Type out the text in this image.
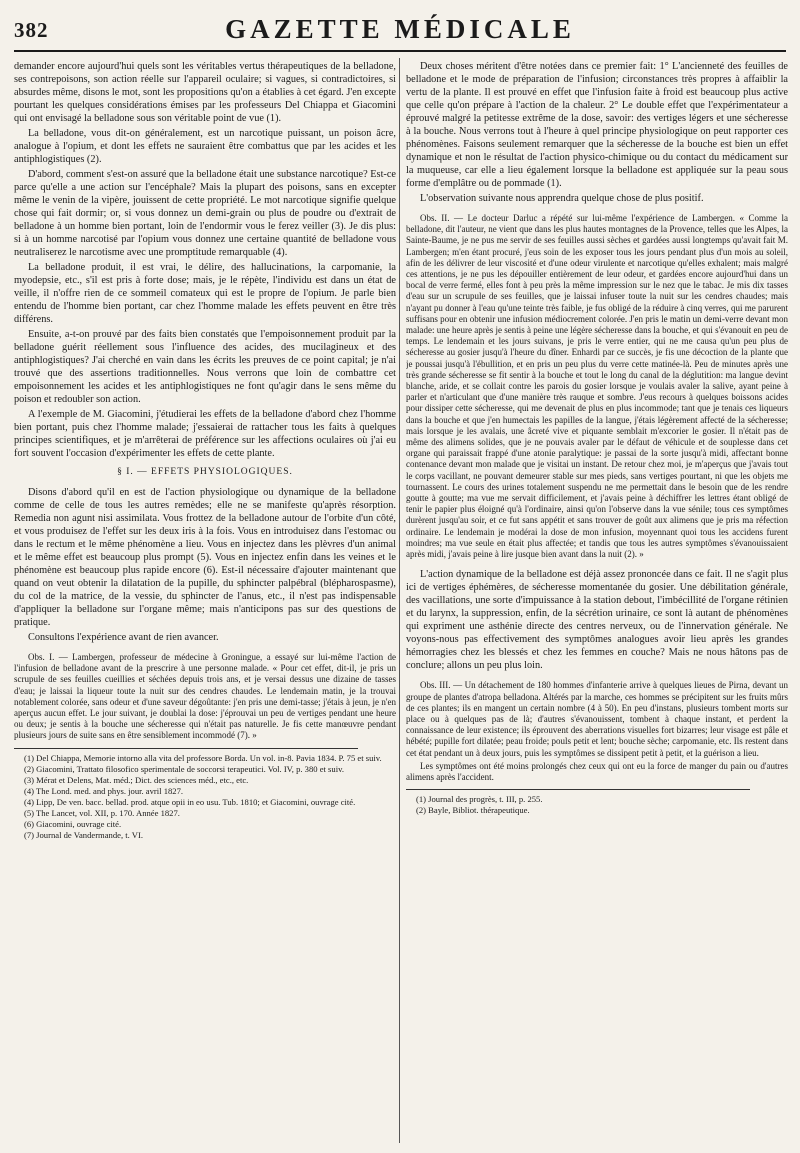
382	GAZETTE MÉDICALE

demander encore aujourd'hui quels sont les véritables vertus thérapeutiques de la belladone, ses contrepoisons, son action réelle sur l'appareil oculaire; si vagues, si contradictoires, si absurdes même, disons le mot, sont les propositions qu'on a établies à cet égard. J'en excepte pourtant les quelques considérations émises par les professeurs Del Chiappa et Giacomini qui ont envisagé la belladone sous son véritable point de vue (1).

La belladone, vous dit-on généralement, est un narcotique puissant, un poison âcre, analogue à l'opium, et dont les effets ne sauraient être combattus que par les acides et les antiphlogistiques (2).

D'abord, comment s'est-on assuré que la belladone était une substance narcotique? Est-ce parce qu'elle a une action sur l'encéphale? Mais la plupart des poisons, sans en excepter même le venin de la vipère, jouissent de cette propriété. Le mot narcotique signifie quelque chose qui fait dormir; or, si vous donnez un demi-grain ou plus de poudre ou d'extrait de belladone à un homme bien portant, loin de l'endormir vous le ferez veiller (3). Je dis plus: si à un homme narcotisé par l'opium vous donnez une certaine quantité de belladone vous neutraliserez le narcotisme avec une promptitude remarquable (4).

La belladone produit, il est vrai, le délire, des hallucinations, la carpomanie, la myodepsie, etc., s'il est pris à forte dose; mais, je le répète, l'individu est dans un état de veille, il n'offre rien de ce sommeil comateux qui est le propre de l'opium. Je parle bien entendu de l'homme bien portant, car chez l'homme malade les effets peuvent en être très différens.

Ensuite, a-t-on prouvé par des faits bien constatés que l'empoisonnement produit par la belladone guérit réellement sous l'influence des acides, des mucilagineux et des antiphlogistiques? J'ai cherché en vain dans les écrits les preuves de ce point capital; je n'ai trouvé que des assertions traditionnelles. Nous verrons que loin de combattre cet empoisonnement les acides et les antiphlogistiques ne font qu'agir dans le sens même du poison et redoubler son action.

A l'exemple de M. Giacomini, j'étudierai les effets de la belladone d'abord chez l'homme bien portant, puis chez l'homme malade; j'essaierai de rattacher tous les faits à quelques principes scientifiques, et je m'arrêterai de préférence sur les affections oculaires où j'ai eu fort souvent l'occasion d'expérimenter les effets de cette plante.

§ I. — EFFETS PHYSIOLOGIQUES.

Disons d'abord qu'il en est de l'action physiologique ou dynamique de la belladone comme de celle de tous les autres remèdes; elle ne se manifeste qu'après résorption. Remedia non agunt nisi assimilata. Vous frottez de la belladone autour de l'orbite d'un côté, et vous produisez de l'effet sur les deux iris à la fois. Vous en introduisez dans l'estomac ou dans le rectum et le même phénomène a lieu. Vous en injectez dans les plèvres d'un animal et le même effet est beaucoup plus prompt (5). Vous en injectez enfin dans les veines et le phénomène est beaucoup plus rapide encore (6). Est-il nécessaire d'ajouter maintenant que quand on veut obtenir la dilatation de la pupille, du sphincter palpébral (blépharospasme), du col de la matrice, de la vessie, du sphincter de l'anus, etc., il n'est pas indispensable d'appliquer la belladone sur l'organe même; mais n'anticipons pas sur des questions de pratique.

Consultons l'expérience avant de rien avancer.

Obs. I. — Lambergen, professeur de médecine à Groningue, a essayé sur lui-même l'action de l'infusion de belladone avant de la prescrire à une personne malade. « Pour cet effet, dit-il, je pris un scrupule de ses feuilles cueillies et séchées depuis trois ans, et je versai dessus une dizaine de tasses d'eau; je laissai la liqueur toute la nuit sur des cendres chaudes. Le lendemain matin, je la trouvai notablement colorée, sans odeur et d'une saveur dégoûtante: j'en pris une demi-tasse; j'étais à jeun, je n'en aperçus aucun effet. Le jour suivant, je doublai la dose: j'éprouvai un peu de vertiges pendant une heure ou deux; je sentis à la bouche une sécheresse qui n'était pas naturelle. Je fis cette manœuvre pendant plusieurs jours de suite sans en être sensiblement incommodé (7). »

(1) Del Chiappa, Memorie intorno alla vita del professore Borda. Un vol. in-8. Pavia 1834. P. 75 et suiv.
(2) Giacomini, Trattato filosofico sperimentale de soccorsi terapeutici. Vol. IV, p. 380 et suiv.
(3) Mérat et Delens, Mat. méd.; Dict. des sciences méd., etc., etc.
(4) The Lond. med. and phys. jour. avril 1827.
(4) Lipp, De ven. bacc. bellad. prod. atque opii in eo usu. Tub. 1810; et Giacomini, ouvrage cité.
(5) The Lancet, vol. XII, p. 170. Année 1827.
(6) Giacomini, ouvrage cité.
(7) Journal de Vandermande, t. VI.

Deux choses méritent d'être notées dans ce premier fait: 1° L'ancienneté des feuilles de belladone et le mode de préparation de l'infusion; circonstances très propres à affaiblir la vertu de la plante. Il est prouvé en effet que l'infusion faite à froid est beaucoup plus active que celle qu'on prépare à l'action de la chaleur. 2° Le double effet que l'expérimentateur a éprouvé malgré la petitesse extrême de la dose, savoir: des vertiges légers et une sécheresse à la bouche. Nous verrons tout à l'heure à quel principe physiologique on peut rapporter ces phénomènes. Faisons seulement remarquer que la sécheresse de la bouche est bien un effet dynamique et non le résultat de l'action physico-chimique ou du contact du médicament sur la muqueuse, car elle a lieu également lorsque la belladone est appliquée sur la peau sous forme d'emplâtre ou de pommade (1).

L'observation suivante nous apprendra quelque chose de plus positif.

Obs. II. — Le docteur Darluc a répété sur lui-même l'expérience de Lambergen. « Comme la belladone, dit l'auteur, ne vient que dans les plus hautes montagnes de la Provence, telles que les Alpes, la Sainte-Baume, je ne pus me servir de ses feuilles aussi sèches et gardées aussi longtemps qu'avait fait M. Lambergen; m'en étant procuré, j'eus soin de les exposer tous les jours pendant plus d'un mois au soleil, afin de les délivrer de leur viscosité et d'une odeur virulente et narcotique qu'elles exhalent; mais malgré ces attentions, je ne pus les dépouiller entièrement de leur odeur, et gardées encore aujourd'hui dans un bocal de verre fermé, elles font à peu près la même impression sur le nez que le tabac. Je mis dix tasses d'eau sur un scrupule de ses feuilles, que je laissai infuser toute la nuit sur les cendres chaudes; mais n'ayant pu donner à l'eau qu'une teinte très faible, je fus obligé de la réduire à cinq verres, qui me parurent suffisans pour en obtenir une infusion médiocrement colorée. J'en pris le matin un demi-verre devant mon malade: une heure après je sentis à peine une légère sécheresse dans la bouche, et qui s'évanouit en peu de temps. Le lendemain et les jours suivans, je pris le verre entier, qui ne me causa qu'un peu plus de sécheresse au gosier jusqu'à l'heure du dîner. Enhardi par ce succès, je fis une décoction de la plante que je poussai jusqu'à l'ébullition, et en pris un peu plus du verre cette matinée-là. Peu de minutes après une très grande sécheresse se fit sentir à la bouche et tout le long du canal de la déglutition: ma langue devint blanche, aride, et se collait contre les parois du gosier lorsque je voulais avaler la salive, ayant peine à parler et n'articulant que d'une manière très rauque et sombre. J'eus recours à quelques boissons acides pour dissiper cette sécheresse, qui me devenait de plus en plus incommode; tant que je tenais ces liqueurs dans la bouche et que j'en humectais les papilles de la langue, j'étais légèrement affecté de la sécheresse; mais lorsque je les avalais, une âcreté vive et piquante semblait m'excorier le gosier. Il n'était pas de même des alimens solides, que je ne pouvais avaler par le défaut de véhicule et de souplesse dans cet organe qui paraissait frappé d'une atonie paralytique: je passai de la sorte jusqu'à midi, affectant bonne contenance devant mon malade que je visitai un instant. De retour chez moi, je m'aperçus que j'avais tout le corps vacillant, ne pouvant demeurer stable sur mes pieds, sans vertiges pourtant, ni que les objets me tournassent. Le cours des urines totalement suspendu ne me permettait dans le besoin que de les rendre goutte à goutte; ma vue me servait difficilement, et j'avais peine à déchiffrer les lettres étant obligé de tenir le papier plus éloigné qu'à l'ordinaire, ainsi qu'on l'observe dans la vue sénile; tous ces symptômes durèrent jusqu'au soir, et ce fut sans appétit et sans trouver de goût aux alimens que je pris ma réfection ordinaire. Le lendemain je modérai la dose de mon infusion, moyennant quoi tous les accidens furent moindres; ma vue seule en était plus affectée; et tandis que tous les autres symptômes s'évanouissaient après midi, j'avais peine à lire jusque bien avant dans la nuit (2). »

L'action dynamique de la belladone est déjà assez prononcée dans ce fait. Il ne s'agit plus ici de vertiges éphémères, de sécheresse momentanée du gosier. Une débilitation générale, des vacillations, une sorte d'impuissance à la station debout, l'imbécillité de l'organe rétinien et du larynx, la suppression, enfin, de la sécrétion urinaire, ce sont là autant de phénomènes qui expriment une asthénie directe des centres nerveux, ou de l'innervation générale. Ne voyons-nous pas effectivement des symptômes analogues avoir lieu après les grandes hémorragies chez les blessés et chez les femmes en couche? Mais ne nous hâtons pas de conclure; allons un peu plus loin.

Obs. III. — Un détachement de 180 hommes d'infanterie arrive à quelques lieues de Pirna, devant un groupe de plantes d'atropa belladona. Altérés par la marche, ces hommes se précipitent sur les fruits mûrs de ces plantes; ils en mangent un certain nombre (4 à 50). En peu d'instans, plusieurs tombent morts sur place ou à quelques pas de là; d'autres s'évanouissent, tombent à chaque instant, et perdent la connaissance de leur existence; ils éprouvent des aberrations visuelles fort bizarres; leur visage est pâle et hébété; pupille fort dilatée; peau froide; pouls petit et lent; bouche sèche; carpomanie, etc. Ils restent dans cet état pendant un à deux jours, puis les symptômes se dissipent petit à petit, et la guérison a lieu.

Les symptômes ont été moins prolongés chez ceux qui ont eu la force de manger du pain ou d'autres alimens après l'accident.

(1) Journal des progrès, t. III, p. 255.
(2) Bayle, Bibliot. thérapeutique.
